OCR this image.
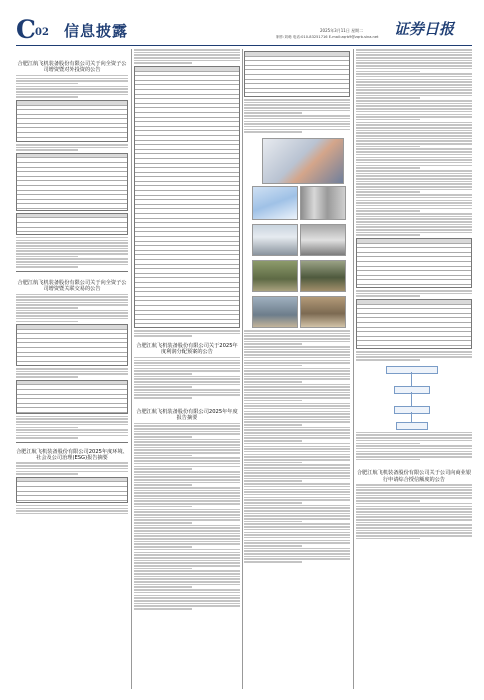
C 02 信息披露	2025年3月11日 星期二
制作:刘萌 电话:010-83251716 E-mail:zqrb9@zqrb.sina.net 证券日报
合肥江航飞机装备股份有限公司关于向全资子公司增资暨对外投资的公告
合肥江航飞机装备股份有限公司关于向全资子公司增资暨关联交易的公告
合肥江航飞机装备股份有限公司2025年度环境、社会及公司治理(ESG)报告摘要
合肥江航飞机装备股份有限公司关于2025年度利润分配预案的公告
合肥江航飞机装备股份有限公司2025年年度报告摘要
合肥江航飞机装备股份有限公司关于公司向商业银行申请综合授信额度的公告
